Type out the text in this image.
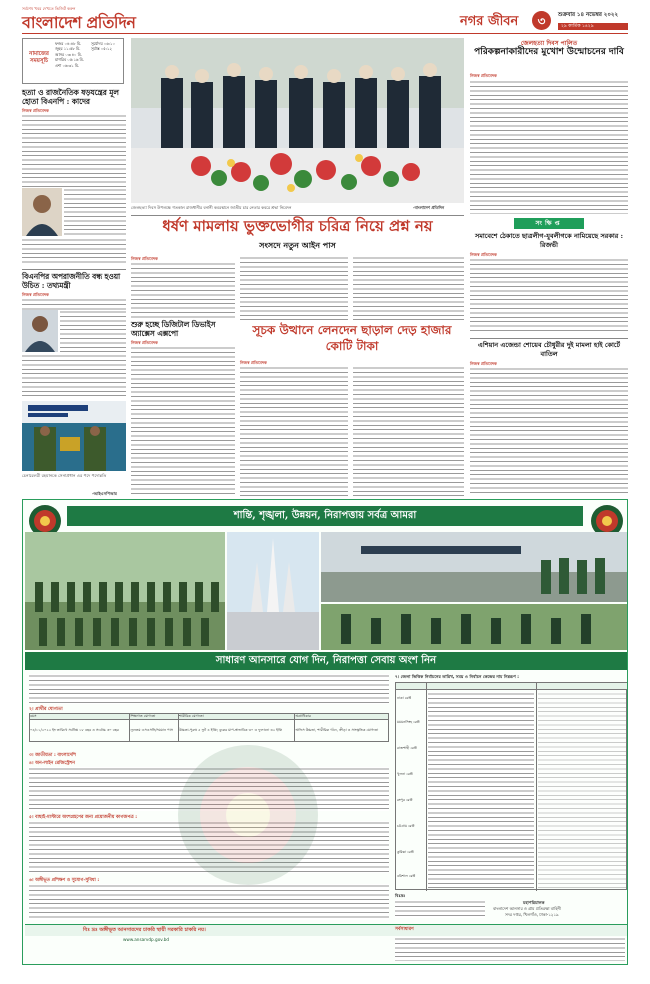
সর্বশেষ খবর দেখতে ভিজিট করুন
বাংলাদেশ প্রতিদিন	নগর জীবন	৩	শুক্রবার ১৪ নভেম্বর ২০২২
২৯ কার্তিক ১৪২৯
নামাজের সময়সূচি
ফজর ০৪:৪৮ মি.
জুহর ১১:৫৮ মি.
আসর ০৩:৪০ মি.
মাগরিব ০৫:১৬ মি.
এশা ০৬:৩১ মি.
সূর্যোদয় ০৬:১০
সূর্যাস্ত ০৫:১২
হত্যা ও রাজনৈতিক ষড়যন্ত্রের মূল হোতা বিএনপি : কাদের
নিজস্ব প্রতিবেদক
বিএনপির অপরাজনীতি বন্ধ হওয়া উচিত : তথ্যমন্ত্রী
নিজস্ব প্রতিবেদক
চেনারেলরী রহমানকে সেনাপ্রধান এর পদে পদোন্নতি
-আইএসপিআর
জেলহত্যা দিবস উপলক্ষে গতকাল রাজধানীর বনানী কবরস্থানে জাতীয় চার নেতার কবরে শ্রদ্ধা নিবেদন	-বাংলাদেশ প্রতিদিন
জেলহত্যা দিবস পালিত
পরিকল্পনাকারীদের মুখোশ উন্মোচনের দাবি
নিজস্ব প্রতিবেদক
ধর্ষণ মামলায় ভুক্তভোগীর চরিত্র নিয়ে প্রশ্ন নয়
সংসদে নতুন আইন পাস
নিজস্ব প্রতিবেদক
শুরু হচ্ছে ডিজিটাল ডিভাইস অ্যাক্সেস এক্সপো
নিজস্ব প্রতিবেদক
সূচক উত্থানে লেনদেন ছাড়াল দেড় হাজার কোটি টাকা
নিজস্ব প্রতিবেদক
সংক্ষিপ্ত
সমাবেশে ঠেকাতে ছাত্রলীগ-যুবলীগকে নামিয়েছে সরকার : রিজভী
নিজস্ব প্রতিবেদক
এশিয়ান এজেন্ডা শোয়েব চৌধুরীর দুই মামলা হাই কোর্টে বাতিল
নিজস্ব প্রতিবেদক
শান্তি, শৃঙ্খলা, উন্নয়ন, নিরাপত্তায় সর্বত্র আমরা
সাধারণ আনসারে যোগ দিন, নিরাপত্তা সেবায় অংশ নিন
২। প্রার্থীর যোগ্যতা
বয়স	শিক্ষাগত যোগ্যতা	শারীরিক যোগ্যতা	অগ্রাধিকার
০৪/১১/২০২২ ইং তারিখে সর্বনিম্ন ১৮ বছর ও সর্বোচ্চ ৩০ বছর	ন্যূনতম এসএসসি/সমমান পাস	উচ্চতা-পুরুষ ৫ ফুট ৪ ইঞ্চি; বুকের মাপ-স্বাভাবিক ৩০ ও ফুলানো ৩২ ইঞ্চি	অফিস উচ্চতা, শারীরিক গঠন, ক্রীড়া ও সাংস্কৃতিক যোগ্যতা
৩। জাতীয়তা : বাংলাদেশি
৪। অন-লাইন রেজিস্ট্রেশন
৫। বাছাই-মাস্টারে অংশগ্রহণের জন্য প্রয়োজনীয় কাগজপত্র :
৬। অঙ্গীভূত প্রশিক্ষণ ও সুযোগ-সুবিধা :
৭। জেলা ভিত্তিক নির্বাচনের তারিখ, সময় ও নির্বাচন কেন্দ্রের নাম নিম্নরূপ :
ঢাকা রেঞ্জ
ময়মনসিংহ রেঞ্জ
রাজশাহী রেঞ্জ
খুলনা রেঞ্জ
রংপুর রেঞ্জ
চট্টগ্রাম রেঞ্জ
কুমিল্লা রেঞ্জ
বরিশাল রেঞ্জ
বিঃদ্রঃ
মহাপরিচালক
বাংলাদেশ আনসার ও গ্রাম প্রতিরক্ষা বাহিনী
সদর দপ্তর, খিলগাঁও, ঢাকা-১২১৯
বিঃ দ্রঃ অঙ্গীভূত আনসারদের চাকরি স্থায়ী সরকারি চাকরি নয়।
www.ansarvdp.gov.bd
সর্বসাধারণ
